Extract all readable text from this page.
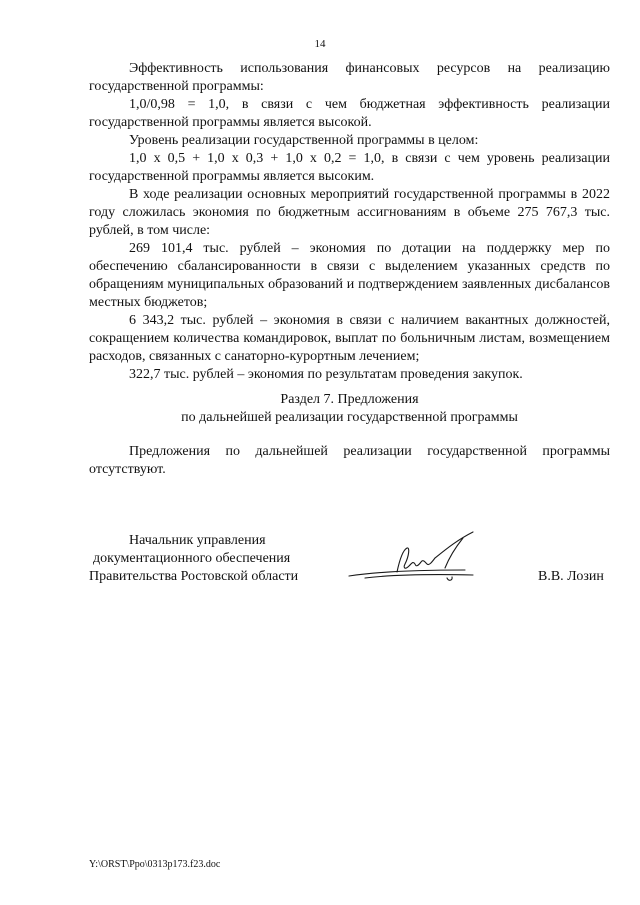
14

Эффективность использования финансовых ресурсов на реализацию государственной программы:

1,0/0,98 = 1,0, в связи с чем бюджетная эффективность реализации государственной программы является высокой.

Уровень реализации государственной программы в целом:

1,0 х 0,5 + 1,0 х 0,3 + 1,0 х 0,2 = 1,0, в связи с чем уровень реализации государственной программы является высоким.

В ходе реализации основных мероприятий государственной программы в 2022 году сложилась экономия по бюджетным ассигнованиям в объеме 275 767,3 тыс. рублей, в том числе:

269 101,4 тыс. рублей – экономия по дотации на поддержку мер по обеспечению сбалансированности в связи с выделением указанных средств по обращениям муниципальных образований и подтверждением заявленных дисбалансов местных бюджетов;

6 343,2 тыс. рублей – экономия в связи с наличием вакантных должностей, сокращением количества командировок, выплат по больничным листам, возмещением расходов, связанных с санаторно-курортным лечением;

322,7 тыс. рублей – экономия по результатам проведения закупок.

Раздел 7. Предложения
по дальнейшей реализации государственной программы

Предложения по дальнейшей реализации государственной программы отсутствуют.

Начальник управления
документационного обеспечения
Правительства Ростовской области	В.В. Лозин
Y:\ORST\Ppo\0313p173.f23.doc
